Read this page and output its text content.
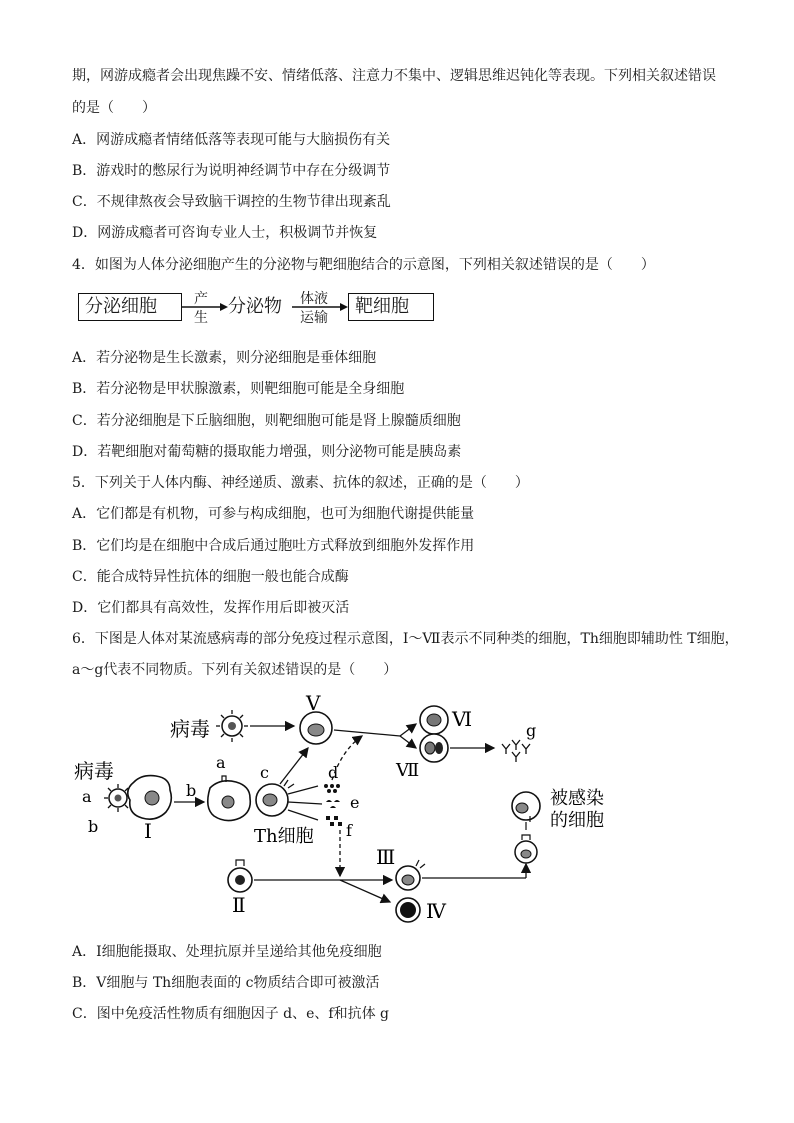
期，网游成瘾者会出现焦躁不安、情绪低落、注意力不集中、逻辑思维迟钝化等表现。下列相关叙述错误
的是（　　）
A．网游成瘾者情绪低落等表现可能与大脑损伤有关
B．游戏时的憋尿行为说明神经调节中存在分级调节
C．不规律熬夜会导致脑干调控的生物节律出现紊乱
D．网游成瘾者可咨询专业人士，积极调节并恢复
4．如图为人体分泌细胞产生的分泌物与靶细胞结合的示意图，下列相关叙述错误的是（　　）
分泌细胞	产
生
分泌物 体液
运输
靶细胞
A．若分泌物是生长激素，则分泌细胞是垂体细胞
B．若分泌物是甲状腺激素，则靶细胞可能是全身细胞
C．若分泌细胞是下丘脑细胞，则靶细胞可能是肾上腺髓质细胞
D．若靶细胞对葡萄糖的摄取能力增强，则分泌物可能是胰岛素
5．下列关于人体内酶、神经递质、激素、抗体的叙述，正确的是（　　）
A．它们都是有机物，可参与构成细胞，也可为细胞代谢提供能量
B．它们均是在细胞中合成后通过胞吐方式释放到细胞外发挥作用
C．能合成特异性抗体的细胞一般也能合成酶
D．它们都具有高效性，发挥作用后即被灭活
6．下图是人体对某流感病毒的部分免疫过程示意图，Ⅰ～Ⅶ表示不同种类的细胞，Th细胞即辅助性 T细胞，
a～g代表不同物质。下列有关叙述错误的是（　　）
病毒
Ⅴ
Ⅵ
Ⅶ
g
病毒
a
b Ⅰ
b
a
Th细胞
c	d
e
f
Ⅱ
Ⅲ
Ⅳ
被感染
的细胞
A．Ⅰ细胞能摄取、处理抗原并呈递给其他免疫细胞
B．Ⅴ细胞与 Th细胞表面的 c物质结合即可被激活
C．图中免疫活性物质有细胞因子 d、e、f和抗体 g
